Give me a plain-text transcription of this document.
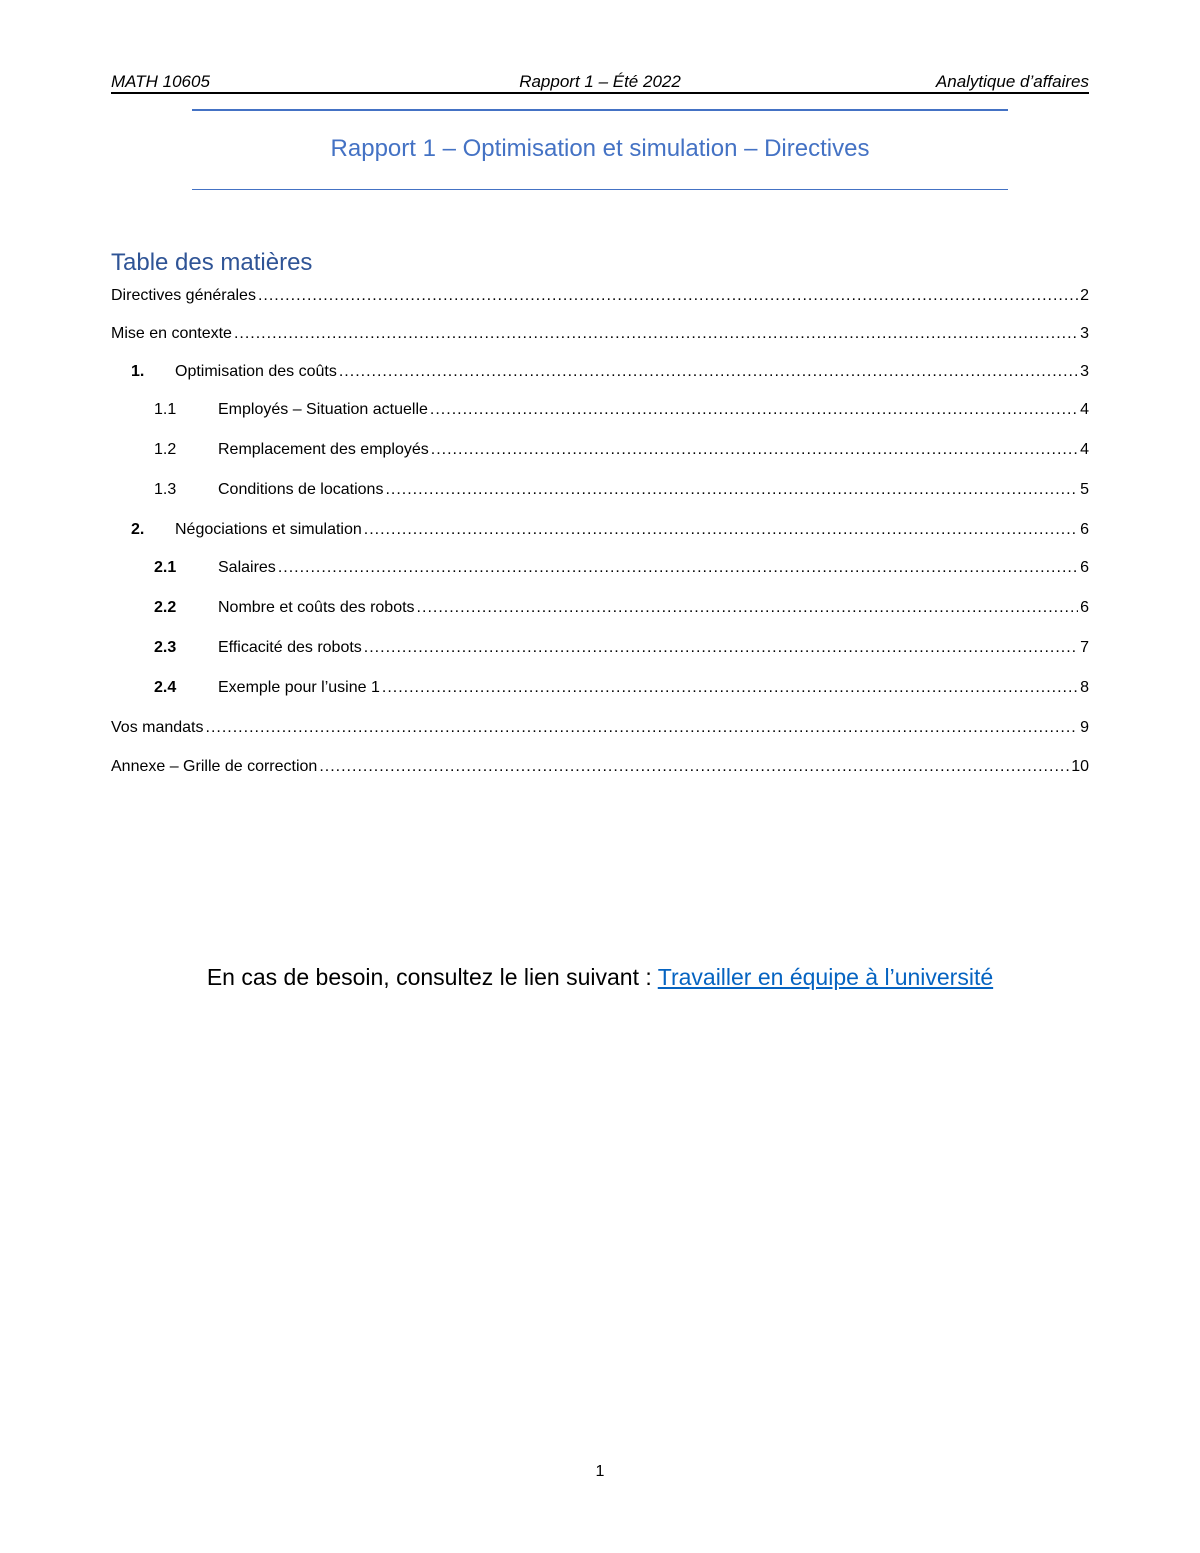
MATH 10605	Rapport 1 – Été 2022	Analytique d’affaires
Rapport 1 – Optimisation et simulation – Directives
Table des matières
Directives générales .....	2
Mise en contexte .....	3
1.	Optimisation des coûts .....	3
1.1	Employés – Situation actuelle .....	4
1.2	Remplacement des employés .....	4
1.3	Conditions de locations .....	5
2.	Négociations et simulation .....	6
2.1	Salaires .....	6
2.2	Nombre et coûts des robots .....	6
2.3	Efficacité des robots .....	7
2.4	Exemple pour l’usine 1 .....	8
Vos mandats .....	9
Annexe – Grille de correction .....	10
En cas de besoin, consultez le lien suivant : Travailler en équipe à l’université
1
